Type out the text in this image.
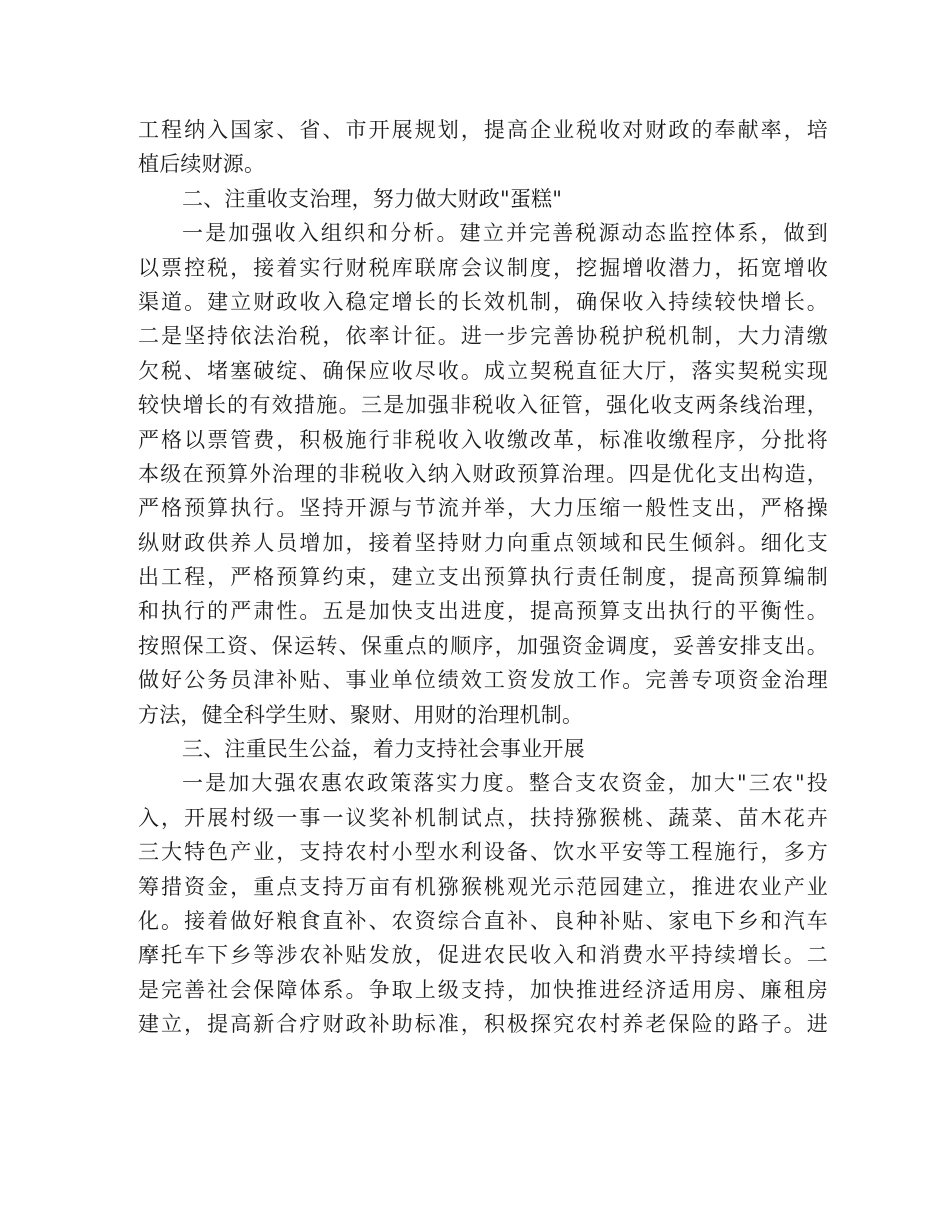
工程纳入国家、省、市开展规划，提高企业税收对财政的奉献率，培
植后续财源。
二、注重收支治理，努力做大财政"蛋糕"
一是加强收入组织和分析。建立并完善税源动态监控体系，做到
以票控税，接着实行财税库联席会议制度，挖掘增收潜力，拓宽增收
渠道。建立财政收入稳定增长的长效机制，确保收入持续较快增长。
二是坚持依法治税，依率计征。进一步完善协税护税机制，大力清缴
欠税、堵塞破绽、确保应收尽收。成立契税直征大厅，落实契税实现
较快增长的有效措施。三是加强非税收入征管，强化收支两条线治理，
严格以票管费，积极施行非税收入收缴改革，标准收缴程序，分批将
本级在预算外治理的非税收入纳入财政预算治理。四是优化支出构造，
严格预算执行。坚持开源与节流并举，大力压缩一般性支出，严格操
纵财政供养人员增加，接着坚持财力向重点领域和民生倾斜。细化支
出工程，严格预算约束，建立支出预算执行责任制度，提高预算编制
和执行的严肃性。五是加快支出进度，提高预算支出执行的平衡性。
按照保工资、保运转、保重点的顺序，加强资金调度，妥善安排支出。
做好公务员津补贴、事业单位绩效工资发放工作。完善专项资金治理
方法，健全科学生财、聚财、用财的治理机制。
三、注重民生公益，着力支持社会事业开展
一是加大强农惠农政策落实力度。整合支农资金，加大"三农"投
入，开展村级一事一议奖补机制试点，扶持猕猴桃、蔬菜、苗木花卉
三大特色产业，支持农村小型水利设备、饮水平安等工程施行，多方
筹措资金，重点支持万亩有机猕猴桃观光示范园建立，推进农业产业
化。接着做好粮食直补、农资综合直补、良种补贴、家电下乡和汽车
摩托车下乡等涉农补贴发放，促进农民收入和消费水平持续增长。二
是完善社会保障体系。争取上级支持，加快推进经济适用房、廉租房
建立，提高新合疗财政补助标准，积极探究农村养老保险的路子。进
